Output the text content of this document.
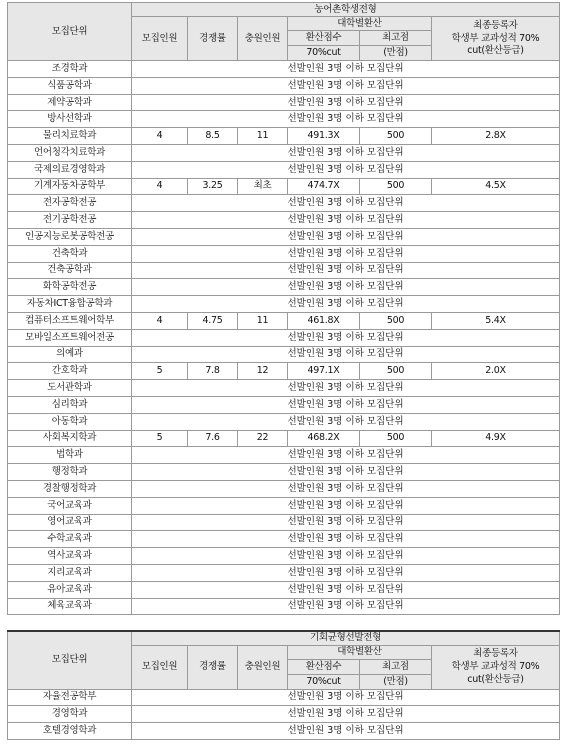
모집단위	농어촌학생전형					
	모집인원	경쟁률	충원인원	대학별환산		최종등록자
학생부 교과성적 70%
cut(환산등급)

				환산점수	최고점	
				70%cut	(만점)	
조경학과				선발인원 3명 이하 모집단위		
식품공학과				선발인원 3명 이하 모집단위		
제약공학과				선발인원 3명 이하 모집단위		
방사선학과				선발인원 3명 이하 모집단위		
물리치료학과	4	8.5	11	491.3X	500	2.8X
언어청각치료학과				선발인원 3명 이하 모집단위		
국제의료경영학과				선발인원 3명 이하 모집단위		
기계자동차공학부	4	3.25	최초	474.7X	500	4.5X
전자공학전공				선발인원 3명 이하 모집단위		
전기공학전공				선발인원 3명 이하 모집단위		
인공지능로봇공학전공				선발인원 3명 이하 모집단위		
건축학과				선발인원 3명 이하 모집단위		
건축공학과				선발인원 3명 이하 모집단위		
화학공학전공				선발인원 3명 이하 모집단위		
자동차ICT융합공학과				선발인원 3명 이하 모집단위		
컴퓨터소프트웨어학부	4	4.75	11	461.8X	500	5.4X
모바일소프트웨어전공				선발인원 3명 이하 모집단위		
의예과				선발인원 3명 이하 모집단위		
간호학과	5	7.8	12	497.1X	500	2.0X
도서관학과				선발인원 3명 이하 모집단위		
심리학과				선발인원 3명 이하 모집단위		
아동학과				선발인원 3명 이하 모집단위		
사회복지학과	5	7.6	22	468.2X	500	4.9X
법학과				선발인원 3명 이하 모집단위		
행정학과				선발인원 3명 이하 모집단위		
경찰행정학과				선발인원 3명 이하 모집단위		
국어교육과				선발인원 3명 이하 모집단위		
영어교육과				선발인원 3명 이하 모집단위		
수학교육과				선발인원 3명 이하 모집단위		
역사교육과				선발인원 3명 이하 모집단위		
지리교육과				선발인원 3명 이하 모집단위		
유아교육과				선발인원 3명 이하 모집단위		
체육교육과				선발인원 3명 이하 모집단위		
모집단위	기회균형선발전형					
	모집인원	경쟁률	충원인원	대학별환산		최종등록자
학생부 교과성적 70%
cut(환산등급)

				환산점수	최고점	
				70%cut	(만점)	
자율전공학부				선발인원 3명 이하 모집단위		
경영학과				선발인원 3명 이하 모집단위		
호텔경영학과				선발인원 3명 이하 모집단위		
